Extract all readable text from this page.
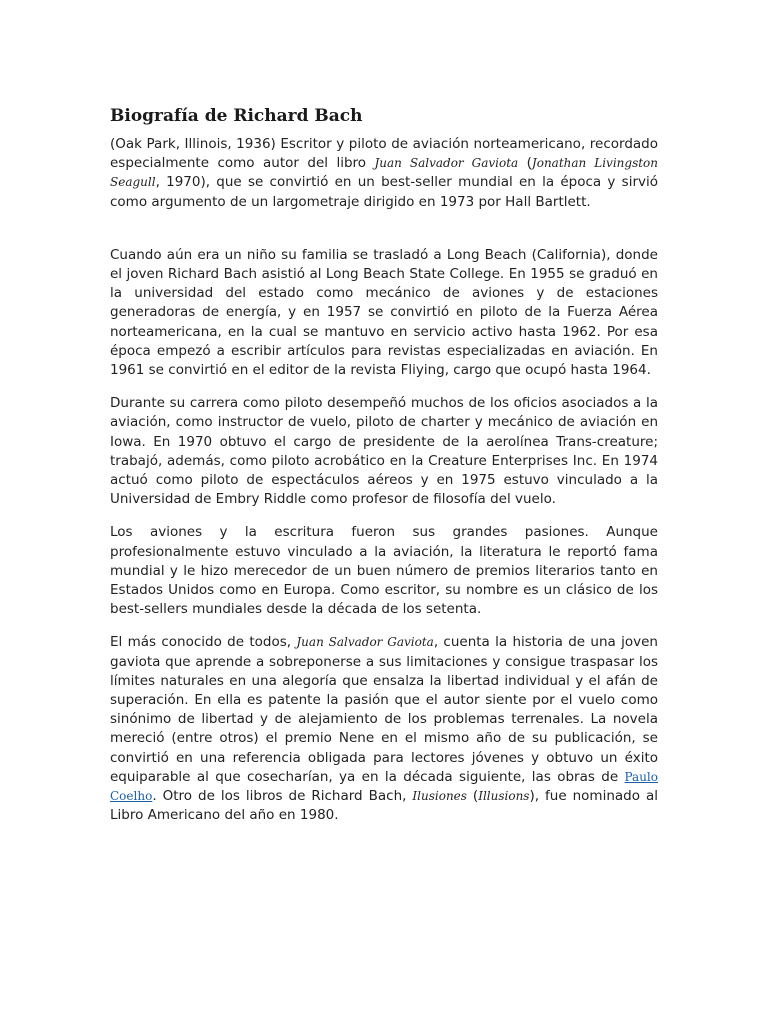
Biografía de Richard Bach

(Oak Park, Illinois, 1936) Escritor y piloto de aviación norteamericano, recordado especialmente como autor del libro Juan Salvador Gaviota (Jonathan Livingston Seagull, 1970), que se convirtió en un best-seller mundial en la época y sirvió como argumento de un largometraje dirigido en 1973 por Hall Bartlett.

Cuando aún era un niño su familia se trasladó a Long Beach (California), donde el joven Richard Bach asistió al Long Beach State College. En 1955 se graduó en la universidad del estado como mecánico de aviones y de estaciones generadoras de energía, y en 1957 se convirtió en piloto de la Fuerza Aérea norteamericana, en la cual se mantuvo en servicio activo hasta 1962. Por esa época empezó a escribir artículos para revistas especializadas en aviación. En 1961 se convirtió en el editor de la revista Fliying, cargo que ocupó hasta 1964.

Durante su carrera como piloto desempeñó muchos de los oficios asociados a la aviación, como instructor de vuelo, piloto de charter y mecánico de aviación en Iowa. En 1970 obtuvo el cargo de presidente de la aerolínea Trans-creature; trabajó, además, como piloto acrobático en la Creature Enterprises Inc. En 1974 actuó como piloto de espectáculos aéreos y en 1975 estuvo vinculado a la Universidad de Embry Riddle como profesor de filosofía del vuelo.

Los aviones y la escritura fueron sus grandes pasiones. Aunque profesionalmente estuvo vinculado a la aviación, la literatura le reportó fama mundial y le hizo merecedor de un buen número de premios literarios tanto en Estados Unidos como en Europa. Como escritor, su nombre es un clásico de los best-sellers mundiales desde la década de los setenta.

El más conocido de todos, Juan Salvador Gaviota, cuenta la historia de una joven gaviota que aprende a sobreponerse a sus limitaciones y consigue traspasar los límites naturales en una alegoría que ensalza la libertad individual y el afán de superación. En ella es patente la pasión que el autor siente por el vuelo como sinónimo de libertad y de alejamiento de los problemas terrenales. La novela mereció (entre otros) el premio Nene en el mismo año de su publicación, se convirtió en una referencia obligada para lectores jóvenes y obtuvo un éxito equiparable al que cosecharían, ya en la década siguiente, las obras de Paulo Coelho. Otro de los libros de Richard Bach, Ilusiones (Illusions), fue nominado al Libro Americano del año en 1980.
